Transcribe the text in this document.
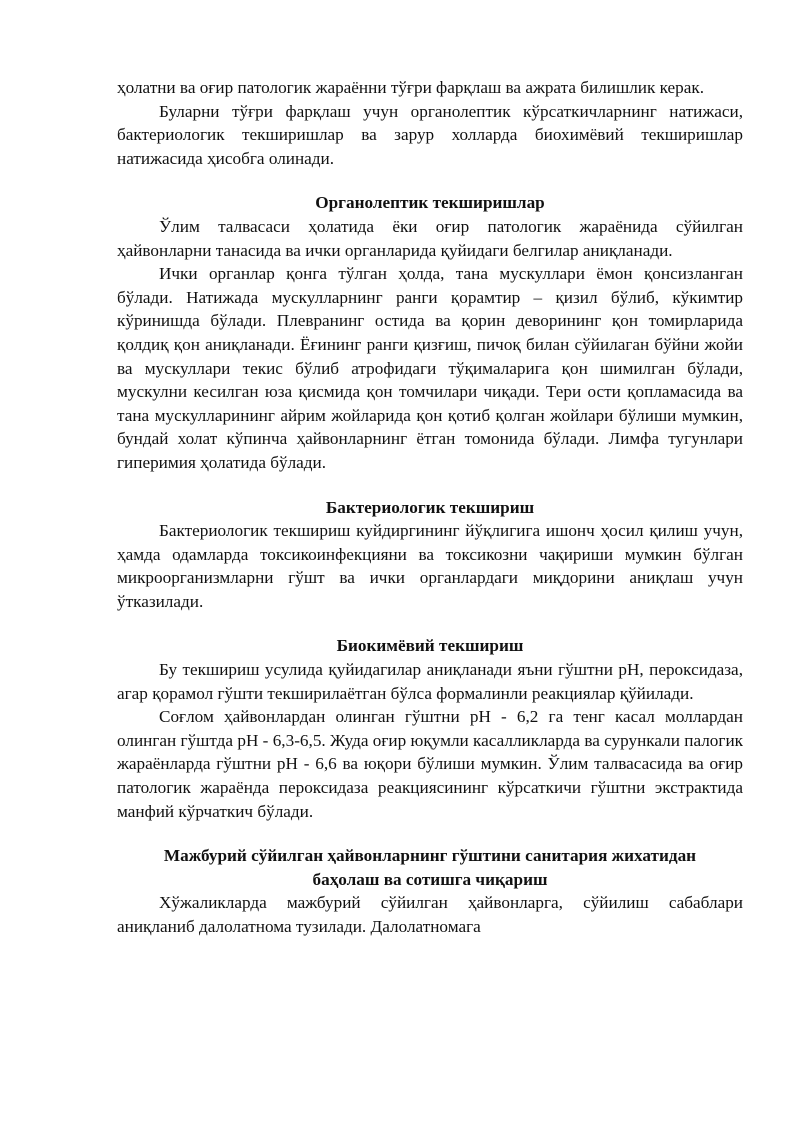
ҳолатни ва оғир патологик жараённи тўғри фарқлаш ва ажрата билишлик керак.

Буларни тўғри фарқлаш учун органолептик кўрсаткичларнинг натижаси, бактериологик текширишлар ва зарур холларда биохимёвий текширишлар натижасида ҳисобга олинади.

Органолептик текширишлар

Ўлим талвасаси ҳолатида ёки оғир патологик жараёнида сўйилган ҳайвонларни танасида ва ички органларида қуйидаги белгилар аниқланади.

Ички органлар қонга тўлган ҳолда, тана мускуллари ёмон қонсизланган бўлади. Натижада мускулларнинг ранги қорамтир – қизил бўлиб, кўкимтир кўринишда бўлади. Плевранинг остида ва қорин деворининг қон томирларида қолдиқ қон аниқланади. Ёғининг ранги қизғиш, пичоқ билан сўйилаган бўйни жойи ва мускуллари текис бўлиб атрофидаги тўқималарига қон шимилган бўлади, мускулни кесилган юза қисмида қон томчилари чиқади. Тери ости қопламасида ва тана мускулларининг айрим жойларида қон қотиб қолган жойлари бўлиши мумкин, бундай холат кўпинча ҳайвонларнинг ётган томонида бўлади. Лимфа тугунлари гиперимия ҳолатида бўлади.

Бактериологик текшириш

Бактериологик текшириш куйдиргининг йўқлигига ишонч ҳосил қилиш учун, ҳамда одамларда токсикоинфекцияни ва токсикозни чақириши мумкин бўлган микроорганизмларни гўшт ва ички органлардаги миқдорини аниқлаш учун ўтказилади.

Биокимёвий текшириш

Бу текшириш усулида қуйидагилар аниқланади яъни гўштни рН, пероксидаза, агар қорамол гўшти текширилаётган бўлса формалинли реакциялар қўйилади.

Соғлом ҳайвонлардан олинган гўштни рН - 6,2 га тенг касал моллардан олинган гўштда рН - 6,3-6,5. Жуда оғир юқумли касалликларда ва сурункали палогик жараёнларда гўштни рН - 6,6 ва юқори бўлиши мумкин. Ўлим талвасасида ва оғир патологик жараёнда пероксидаза реакциясининг кўрсаткичи гўштни экстрактида манфий кўрчаткич бўлади.

Мажбурий сўйилган ҳайвонларнинг гўштини санитария жихатидан
баҳолаш ва сотишга чиқариш

Хўжаликларда мажбурий сўйилган ҳайвонларга, сўйилиш сабаблари аниқланиб далолатнома тузилади. Далолатномага
